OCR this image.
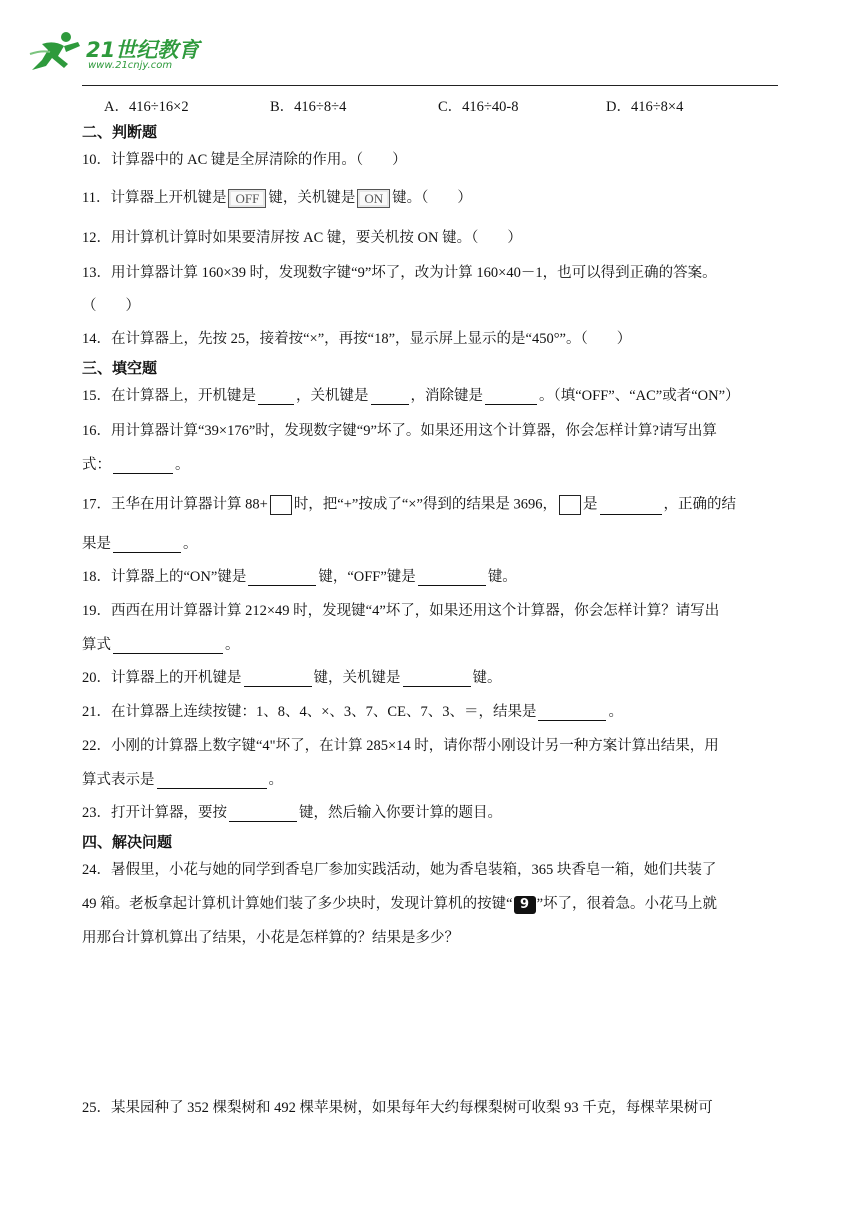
21世纪教育
www.21cnjy.com
A．416÷16×2	B．416÷8÷4	C．416÷40-8	D．416÷8×4
二、判断题
10．计算器中的 AC 键是全屏清除的作用。（　　）
11．计算器上开机键是 OFF 键，关机键是 ON 键。（　　）
12．用计算机计算时如果要清屏按 AC 键，要关机按 ON 键。（　　）
13．用计算器计算 160×39 时，发现数字键“9”坏了，改为计算 160×40－1，也可以得到正确的答案。
（　　）
14．在计算器上，先按 25，接着按“×”，再按“18”，显示屏上显示的是“450°”。（　　）
三、填空题
15．在计算器上，开机键是	，关机键是	，消除键是	。（填“OFF”、“AC”或者“ON”）
16．用计算器计算“39×176”时，发现数字键“9”坏了。如果还用这个计算器，你会怎样计算?请写出算
式：	。
17．王华在用计算器计算 88+ 时，把“+”按成了“×”得到的结果是 3696， 是	，正确的结
果是	。
18．计算器上的“ON”键是	键，“OFF”键是	键。
19．西西在用计算器计算 212×49 时，发现键“4”坏了，如果还用这个计算器，你会怎样计算？请写出
算式	。
20．计算器上的开机键是	键，关机键是	键。
21．在计算器上连续按键：1、8、4、×、3、7、CE、7、3、＝，结果是	。
22．小刚的计算器上数字键“4"坏了，在计算 285×14 时，请你帮小刚设计另一种方案计算出结果，用
算式表示是	。
23．打开计算器，要按	键，然后输入你要计算的题目。
四、解决问题
24．暑假里，小花与她的同学到香皂厂参加实践活动，她为香皂装箱，365 块香皂一箱，她们共装了
49 箱。老板拿起计算机计算她们装了多少块时，发现计算机的按键“ 9 ”坏了，很着急。小花马上就
用那台计算机算出了结果，小花是怎样算的？结果是多少？
25．某果园种了 352 棵梨树和 492 棵苹果树，如果每年大约每棵梨树可收梨 93 千克，每棵苹果树可
